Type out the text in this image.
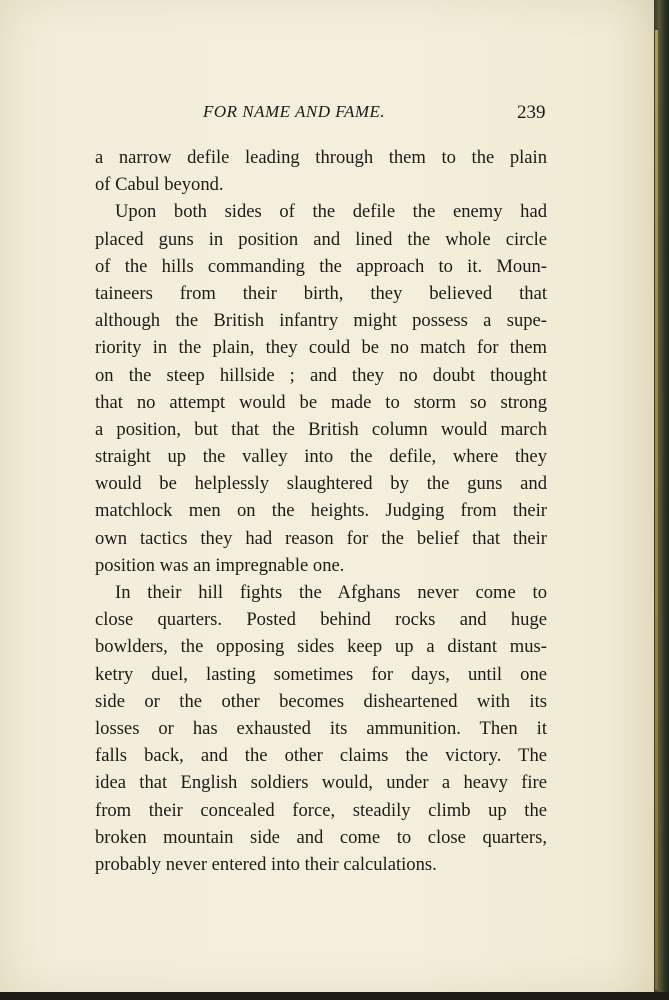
FOR NAME AND FAME.	239
a narrow defile leading through them to the plain
of Cabul beyond.
Upon both sides of the defile the enemy had
placed guns in position and lined the whole circle
of the hills commanding the approach to it. Moun-
taineers from their birth, they believed that
although the British infantry might possess a supe-
riority in the plain, they could be no match for them
on the steep hillside ; and they no doubt thought
that no attempt would be made to storm so strong
a position, but that the British column would march
straight up the valley into the defile, where they
would be helplessly slaughtered by the guns and
matchlock men on the heights. Judging from their
own tactics they had reason for the belief that their
position was an impregnable one.
In their hill fights the Afghans never come to
close quarters. Posted behind rocks and huge
bowlders, the opposing sides keep up a distant mus-
ketry duel, lasting sometimes for days, until one
side or the other becomes disheartened with its
losses or has exhausted its ammunition. Then it
falls back, and the other claims the victory. The
idea that English soldiers would, under a heavy fire
from their concealed force, steadily climb up the
broken mountain side and come to close quarters,
probably never entered into their calculations.
